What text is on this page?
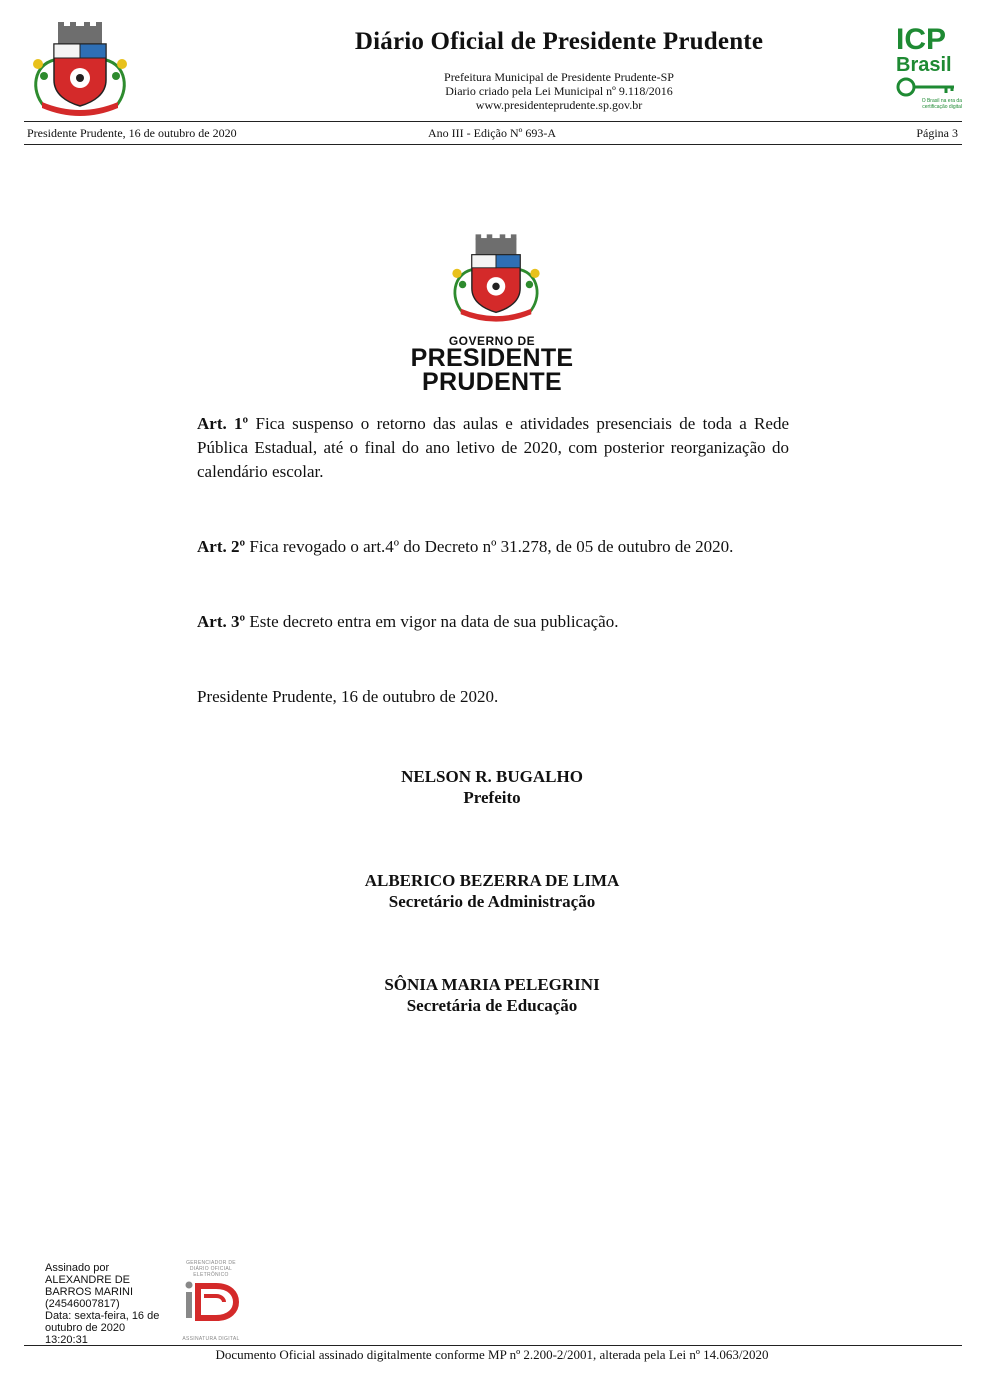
Diário Oficial de Presidente Prudente
Prefeitura Municipal de Presidente Prudente-SP
Diario criado pela Lei Municipal nº 9.118/2016
www.presidenteprudente.sp.gov.br
ICP
Brasil
O Brasil na era da certificação digital
Presidente Prudente, 16 de outubro de 2020	Ano III - Edição Nº 693-A	Página 3
GOVERNO DE
PRESIDENTE
PRUDENTE
Art. 1º Fica suspenso o retorno das aulas e atividades presenciais de toda a Rede Pública Estadual, até o final do ano letivo de 2020, com posterior reorganização do calendário escolar.
Art. 2º Fica revogado o art.4º do Decreto nº 31.278, de 05 de outubro de 2020.
Art. 3º Este decreto entra em vigor na data de sua publicação.
Presidente Prudente, 16 de outubro de 2020.
NELSON R. BUGALHO
Prefeito
ALBERICO BEZERRA DE LIMA
Secretário de Administração
SÔNIA MARIA PELEGRINI
Secretária de Educação
Assinado por
ALEXANDRE DE
BARROS MARINI
(24546007817)
Data: sexta-feira, 16 de
outubro de 2020
13:20:31
GERENCIADOR DE DIÁRIO OFICIAL ELETRÔNICO
ASSINATURA DIGITAL
Documento Oficial assinado digitalmente conforme MP nº 2.200-2/2001, alterada pela Lei nº 14.063/2020
